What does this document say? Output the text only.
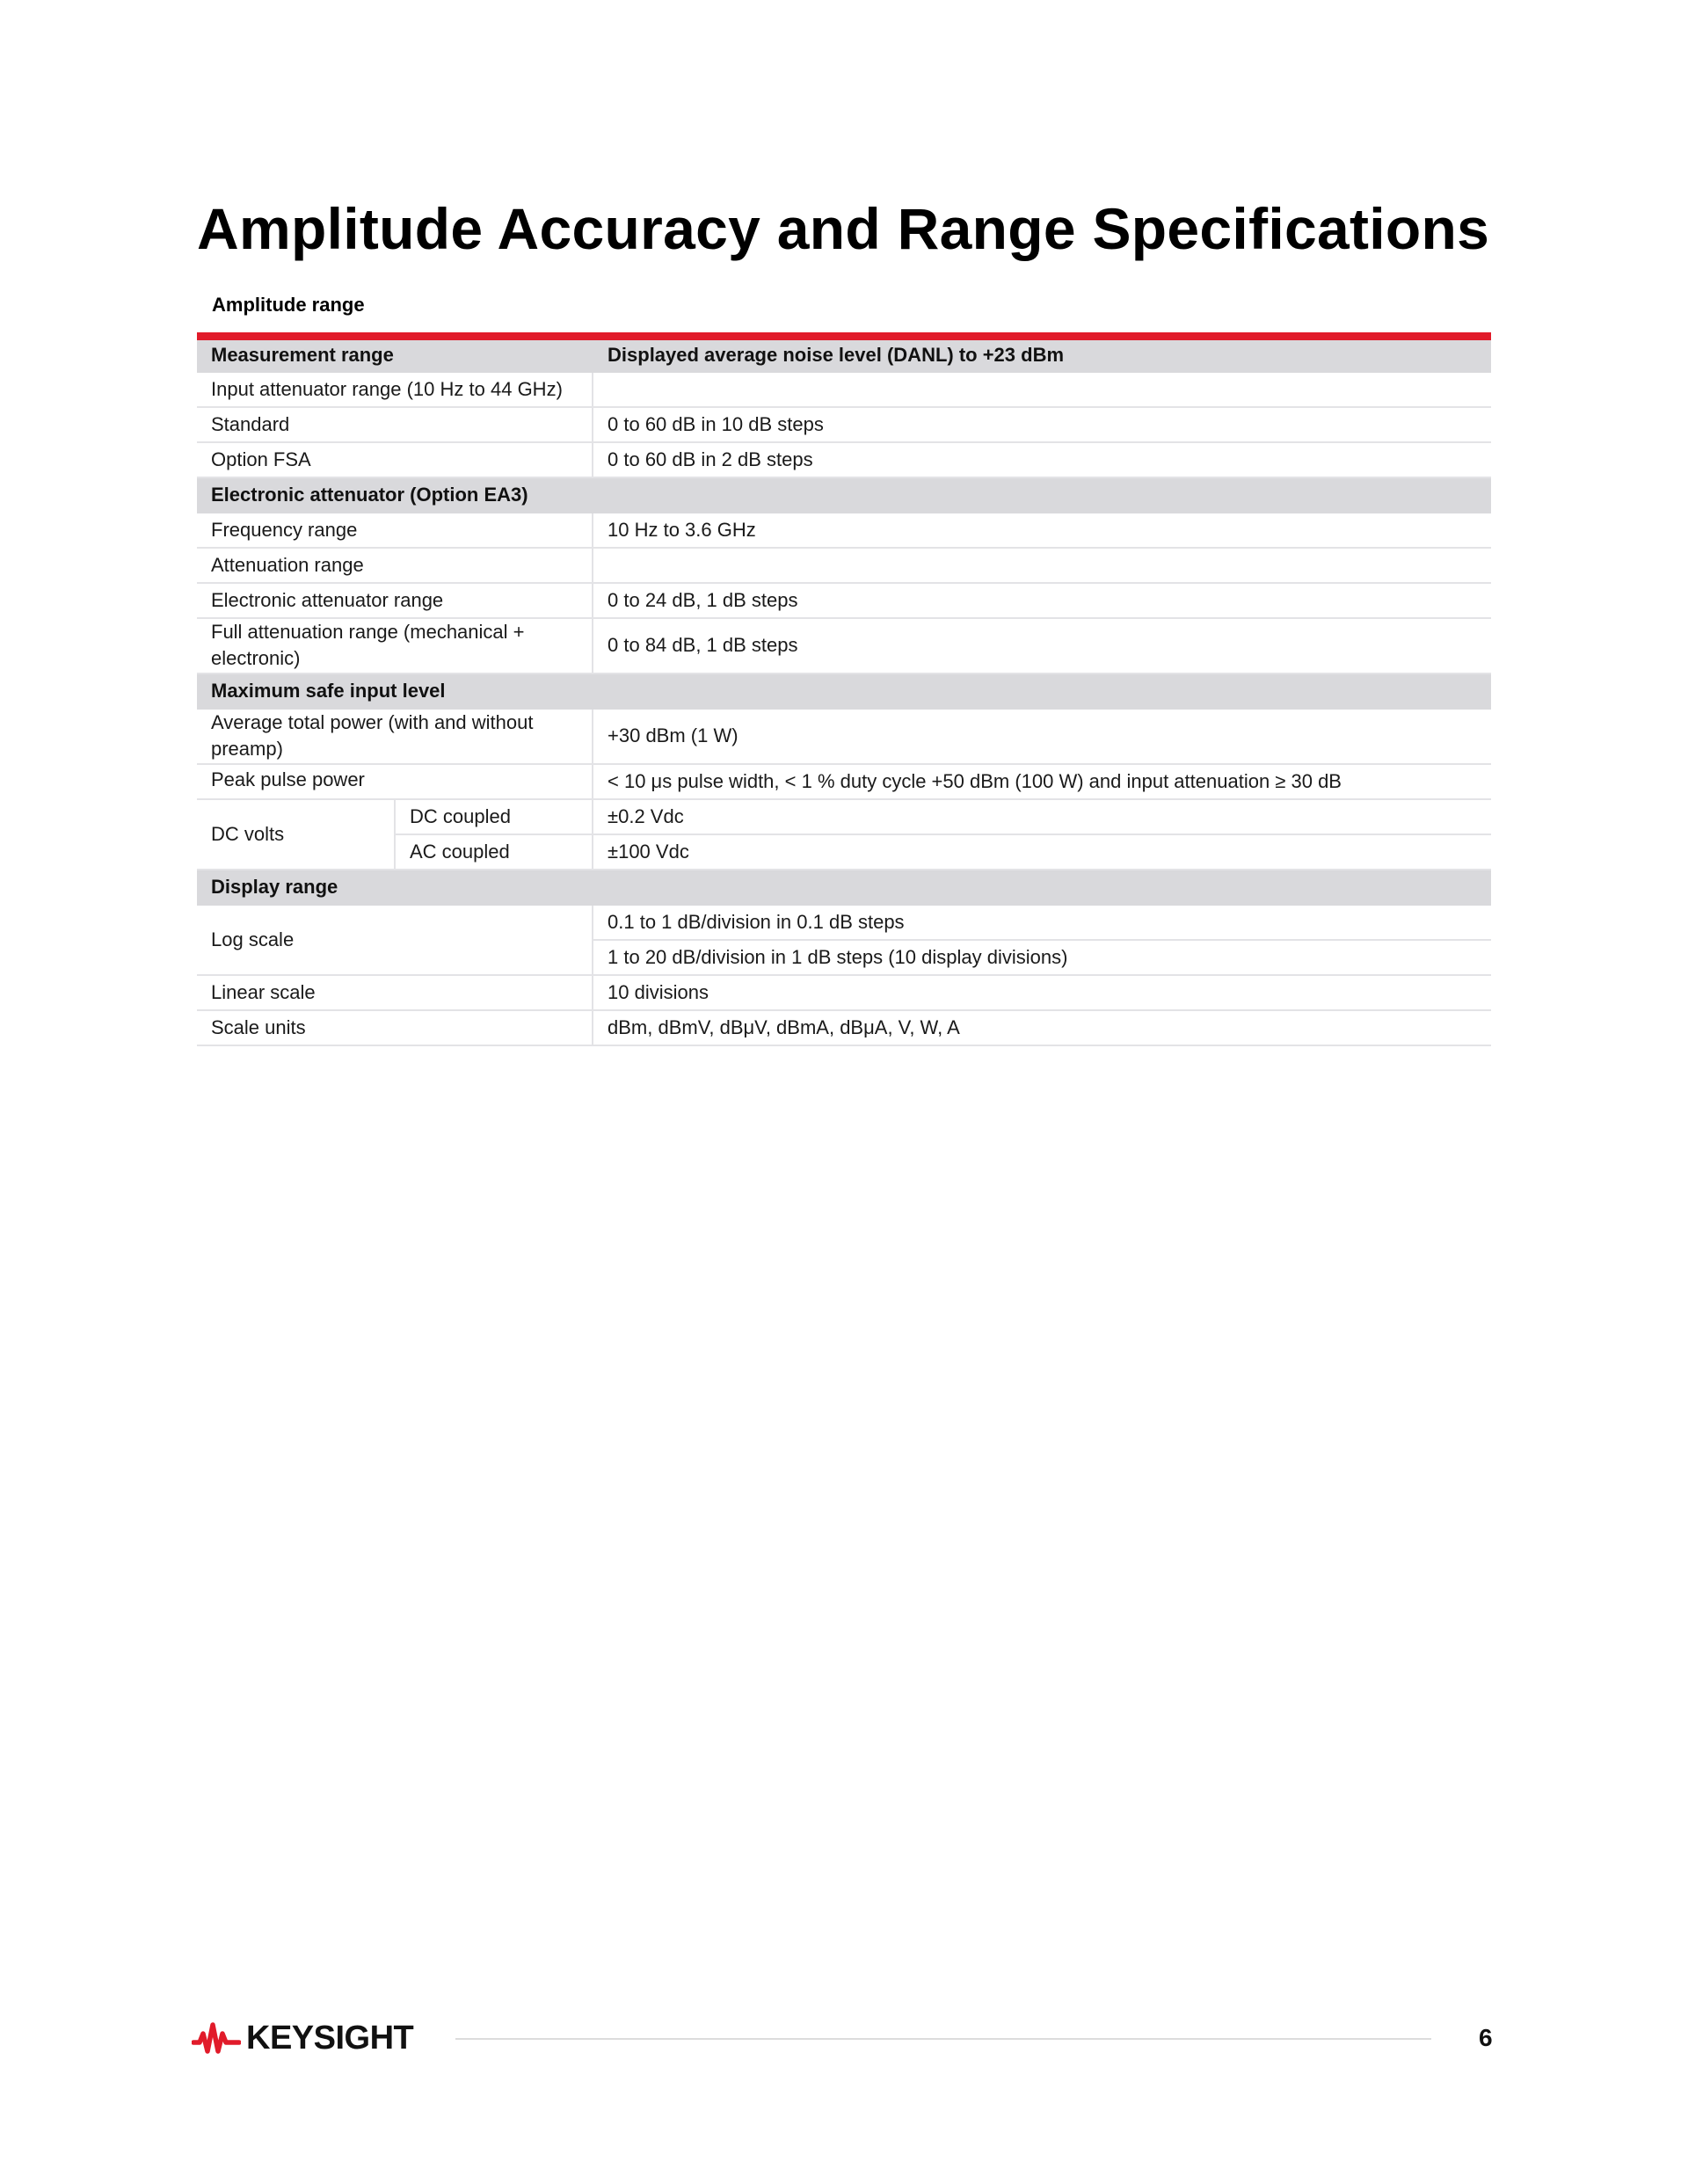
Amplitude Accuracy and Range Specifications
Amplitude range
Measurement range		Displayed average noise level (DANL) to +23 dBm
Input attenuator range (10 Hz to 44 GHz)		
Standard		0 to 60 dB in 10 dB steps
Option FSA		0 to 60 dB in 2 dB steps
Electronic attenuator (Option EA3)		
Frequency range		10 Hz to 3.6 GHz
Attenuation range		
Electronic attenuator range		0 to 24 dB, 1 dB steps
Full attenuation range (mechanical + electronic)		0 to 84 dB, 1 dB steps
Maximum safe input level		
Average total power (with and without preamp)		+30 dBm (1 W)
Peak pulse power		< 10 μs pulse width, < 1 % duty cycle +50 dBm (100 W) and input attenuation ≥ 30 dB
DC volts	DC coupled	±0.2 Vdc
	AC coupled	±100 Vdc
Display range		
Log scale		0.1 to 1 dB/division in 0.1 dB steps
		1 to 20 dB/division in 1 dB steps (10 display divisions)
Linear scale		10 divisions
Scale units		dBm, dBmV, dBμV, dBmA, dBμA, V, W, A
KEYSIGHT	6
